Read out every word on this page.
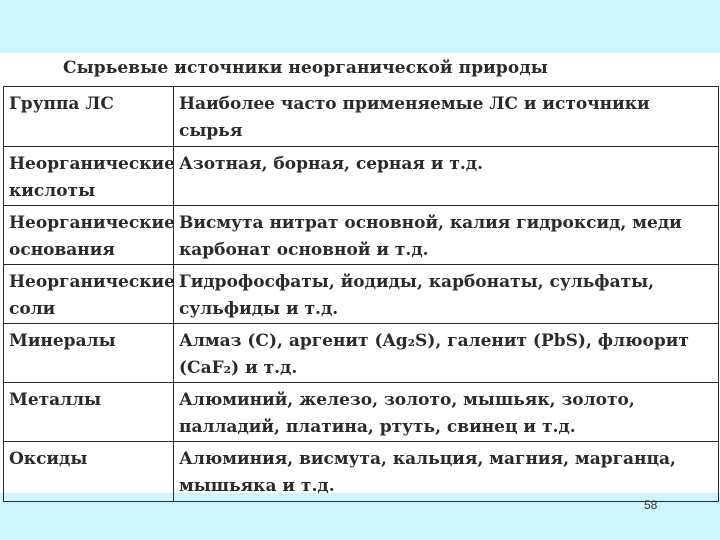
Сырьевые источники неорганической природы
Группа ЛС	Наиболее часто применяемые ЛС и источники сырья
Неорганические кислоты	Азотная, борная, серная и т.д.
Неорганические основания	Висмута нитрат основной, калия гидроксид, меди карбонат основной и т.д.
Неорганические соли	Гидрофосфаты, йодиды, карбонаты, сульфаты, сульфиды и т.д.
Минералы	Алмаз (C), аргенит (Ag₂S), галенит (PbS), флюорит (CaF₂) и т.д.
Металлы	Алюминий, железо, золото, мышьяк, золото, палладий, платина, ртуть, свинец и т.д.
Оксиды	Алюминия, висмута, кальция, магния, марганца, мышьяка и т.д.
58
